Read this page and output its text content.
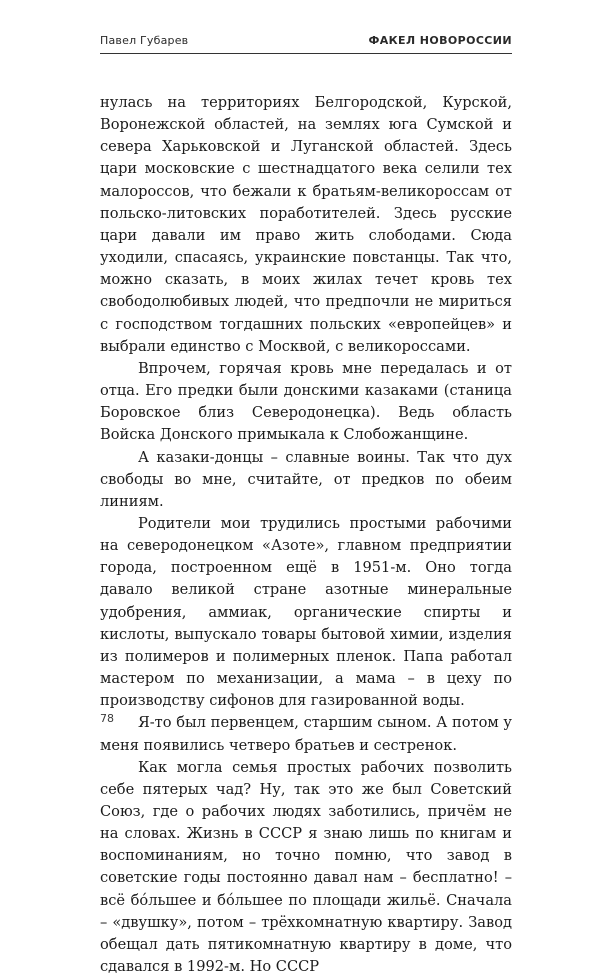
Павел Губарев	ФАКЕЛ НОВОРОССИИ

нулась на территориях Белгородской, Курской, Воронежской областей, на землях юга Сумской и севера Харьковской и Луганской областей. Здесь цари московские с шестнадцатого века селили тех малороссов, что бежали к братьям-великороссам от польско-литовских поработителей. Здесь русские цари давали им право жить слободами. Сюда уходили, спасаясь, украинские повстанцы. Так что, можно сказать, в моих жилах течет кровь тех свободолюбивых людей, что предпочли не мириться с господством тогдашних польских «европейцев» и выбрали единство с Москвой, с великороссами.

Впрочем, горячая кровь мне передалась и от отца. Его предки были донскими казаками (станица Боровское близ Северодонецка). Ведь область Войска Донского примыкала к Слобожанщине.

А казаки-донцы – славные воины. Так что дух свободы во мне, считайте, от предков по обеим линиям.

Родители мои трудились простыми рабочими на северодонецком «Азоте», главном предприятии города, построенном ещё в 1951-м. Оно тогда давало великой стране азотные минеральные удобрения, аммиак, органические спирты и кислоты, выпускало товары бытовой химии, изделия из полимеров и полимерных пленок. Папа работал мастером по механизации, а мама – в цеху по производству сифонов для газированной воды.

Я-то был первенцем, старшим сыном. А потом у меня появились четверо братьев и сестренок.

Как могла семья простых рабочих позволить себе пятерых чад? Ну, так это же был Советский Союз, где о рабочих людях заботились, причём не на словах. Жизнь в СССР я знаю лишь по книгам и воспоминаниям, но точно помню, что завод в советские годы постоянно давал нам – бесплатно! – всё бóльшее и бóльшее по площади жильё. Сначала – «двушку», потом – трёхкомнатную квартиру. Завод обещал дать пятикомнатную квартиру в доме, что сдавался в 1992-м. Но СССР

78
